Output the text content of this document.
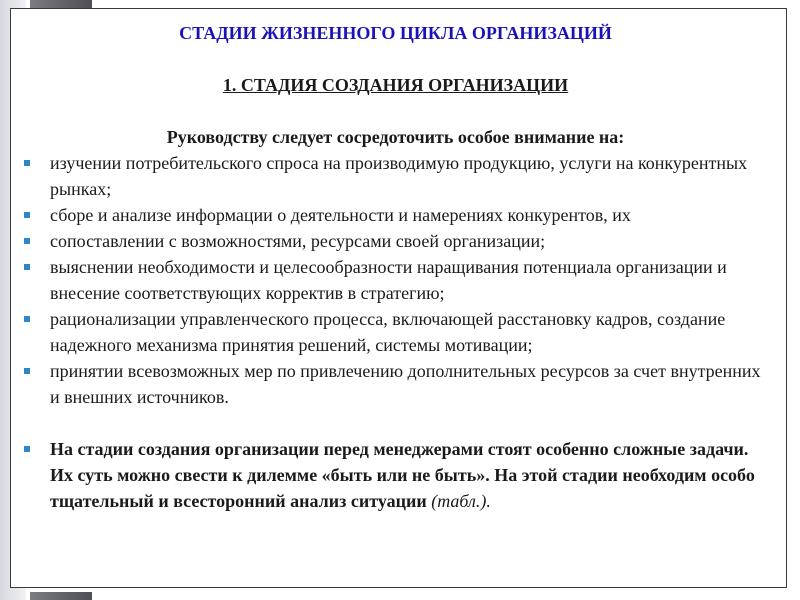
СТАДИИ ЖИЗНЕННОГО ЦИКЛА ОРГАНИЗАЦИЙ
1. СТАДИЯ СОЗДАНИЯ ОРГАНИЗАЦИИ
Руководству следует сосредоточить особое внимание на:
изучении потребительского спроса на производимую продукцию, услуги на конкурентных рынках;
сборе и анализе информации о деятельности и намерениях конкурентов, их
сопоставлении с возможностями, ресурсами своей организации;
выяснении необходимости и целесообразности наращивания потенциала организации и внесение соответствующих корректив в стратегию;
рационализации управленческого процесса, включающей расстановку кадров, создание надежного механизма принятия решений, системы мотивации;
принятии всевозможных мер по привлечению дополнительных ресурсов за счет внутренних и внешних источников.
На стадии создания организации перед менеджерами стоят особенно сложные задачи. Их суть можно свести к дилемме «быть или не быть». На этой стадии необходим особо тщательный и всесторонний анализ ситуации (табл.).
